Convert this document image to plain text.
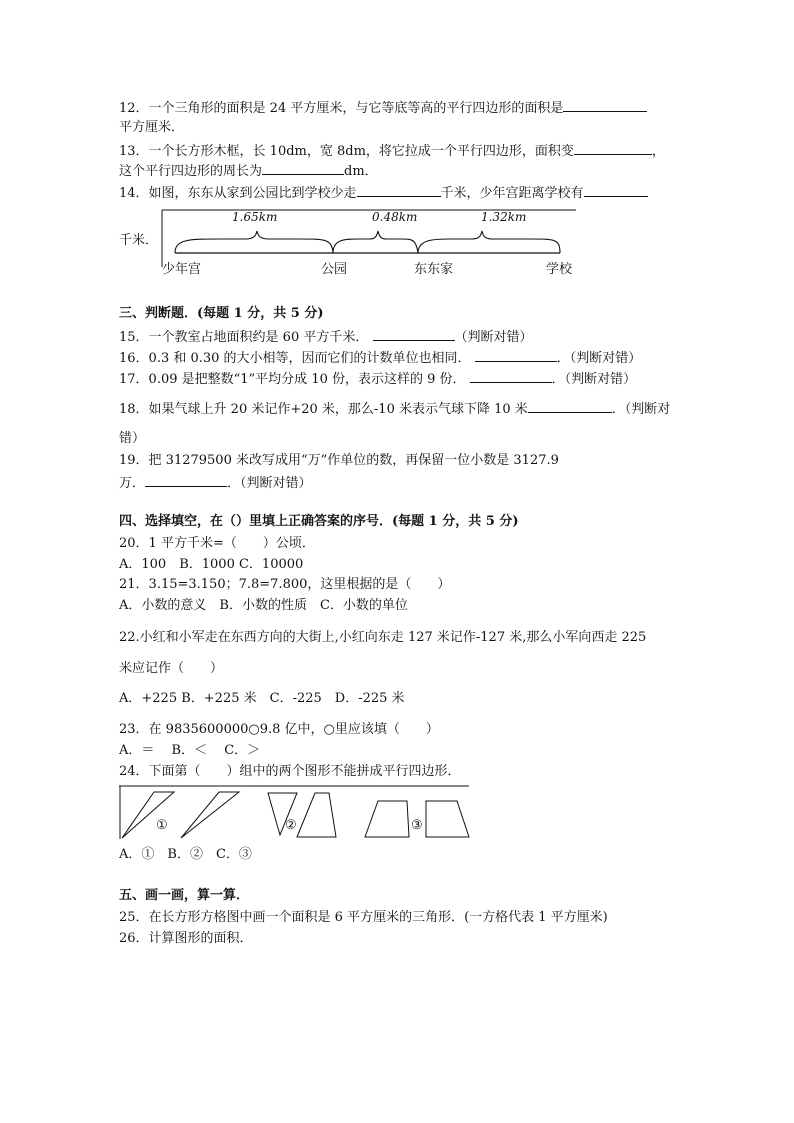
12．一个三角形的面积是 24 平方厘米，与它等底等高的平行四边形的面积是
平方厘米．
13．一个长方形木框，长 10dm，宽 8dm，将它拉成一个平行四边形，面积变	，
这个平行四边形的周长为	dm．
14．如图，东东从家到公园比到学校少走	千米，少年宫距离学校有
千米．
1.65km	0.48km	1.32km
少年宫	公园	东东家	学校
三、判断题．(每题 1 分，共 5 分)
15．一个教室占地面积约是 60 平方千米．	（判断对错）
16．0.3 和 0.30 的大小相等，因而它们的计数单位也相同．	．（判断对错）
17．0.09 是把整数“1”平均分成 10 份，表示这样的 9 份．	．（判断对错）
18．如果气球上升 20 米记作+20 米，那么-10 米表示气球下降 10 米	．（判断对
错）
19．把 31279500 米改写成用“万”作单位的数，再保留一位小数是 3127.9
万．	．（判断对错）
四、选择填空，在（）里填上正确答案的序号．(每题 1 分，共 5 分)
20．1 平方千米=（　　）公顷．
A．100　B．1000 C．10000
21．3.15=3.150；7.8=7.800，这里根据的是（　　）
A．小数的意义　B．小数的性质　C．小数的单位
22.小红和小军走在东西方向的大街上,小红向东走 127 米记作-127 米,那么小军向西走 225
米应记作（　　）
A．+225 B．+225 米　C．-225　D．-225 米
23．在 9835600000○9.8 亿中，○里应该填（　　）
A．＝　 B．＜　 C．＞
24．下面第（　　）组中的两个图形不能拼成平行四边形．
①	②	③
A．①　B．②　C．③
五、画一画，算一算．
25．在长方形方格图中画一个面积是 6 平方厘米的三角形．(一方格代表 1 平方厘米)
26．计算图形的面积．
